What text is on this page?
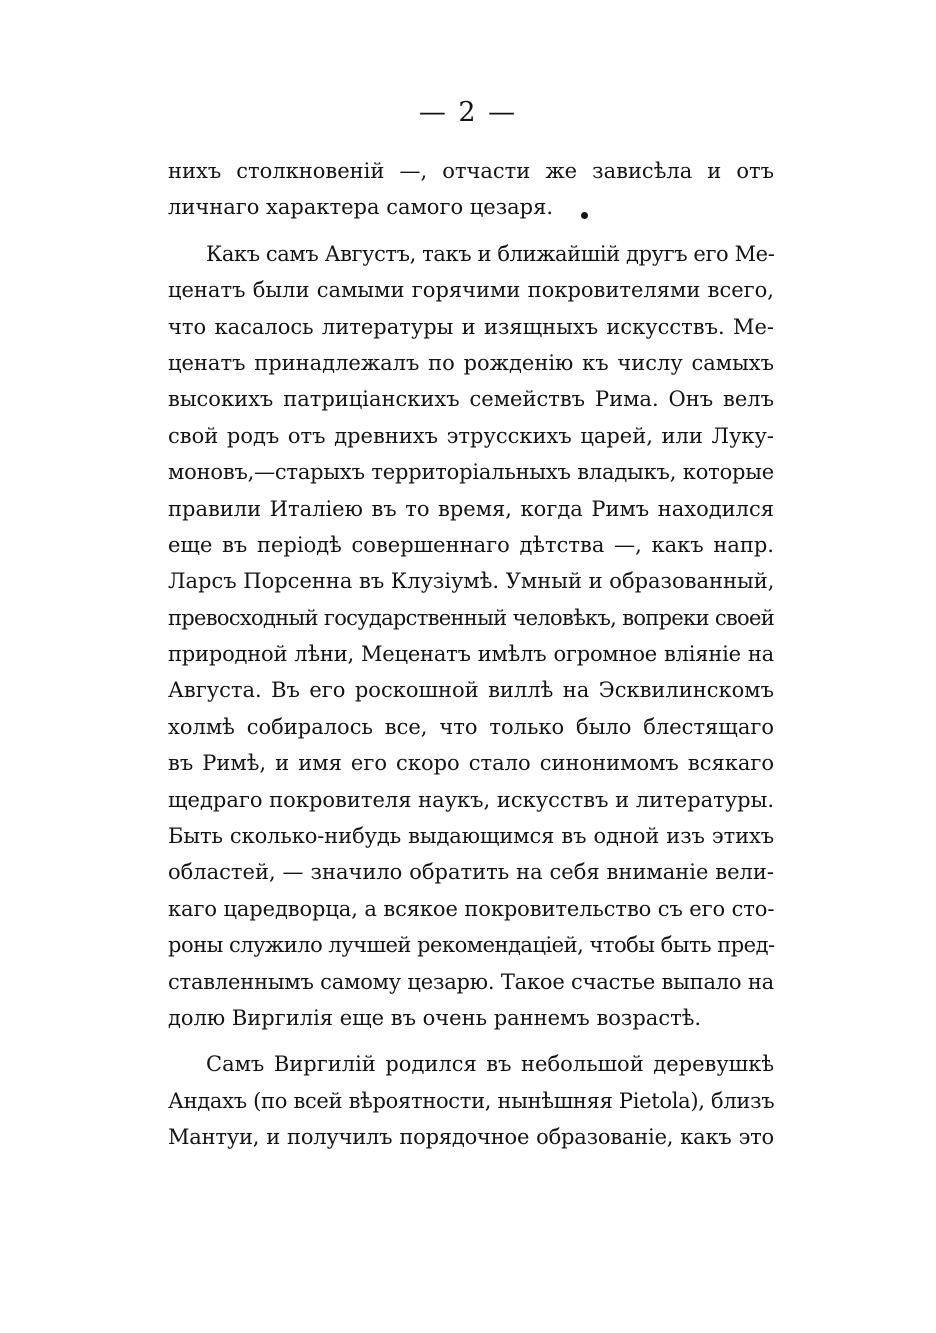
— 2 —
нихъ столкновеній —, отчасти же зависѣла и отъ
личнаго характера самого цезаря.
Какъ самъ Августъ, такъ и ближайшій другъ его Ме-
ценатъ были самыми горячими покровителями всего,
что касалось литературы и изящныхъ искусствъ. Ме-
ценатъ принадлежалъ по рожденію къ числу самыхъ
высокихъ патриціанскихъ семействъ Рима. Онъ велъ
свой родъ отъ древнихъ этрусскихъ царей, или Луку-
моновъ,—старыхъ территоріальныхъ владыкъ, которые
правили Италіею въ то время, когда Римъ находился
еще въ періодѣ совершеннаго дѣтства —, какъ напр.
Ларсъ Порсенна въ Клузіумѣ. Умный и образованный,
превосходный государственный человѣкъ, вопреки своей
природной лѣни, Меценатъ имѣлъ огромное вліяніе на
Августа. Въ его роскошной виллѣ на Эсквилинскомъ
холмѣ собиралось все, что только было блестящаго
въ Римѣ, и имя его скоро стало синонимомъ всякаго
щедраго покровителя наукъ, искусствъ и литературы.
Быть сколько-нибудь выдающимся въ одной изъ этихъ
областей, — значило обратить на себя вниманіе вели-
каго царедворца, а всякое покровительство съ его сто-
роны служило лучшей рекомендаціей, чтобы быть пред-
ставленнымъ самому цезарю. Такое счастье выпало на
долю Виргилія еще въ очень раннемъ возрастѣ.
Самъ Виргилій родился въ небольшой деревушкѣ
Андахъ (по всей вѣроятности, нынѣшняя Pietola), близъ
Мантуи, и получилъ порядочное образованіе, какъ это
